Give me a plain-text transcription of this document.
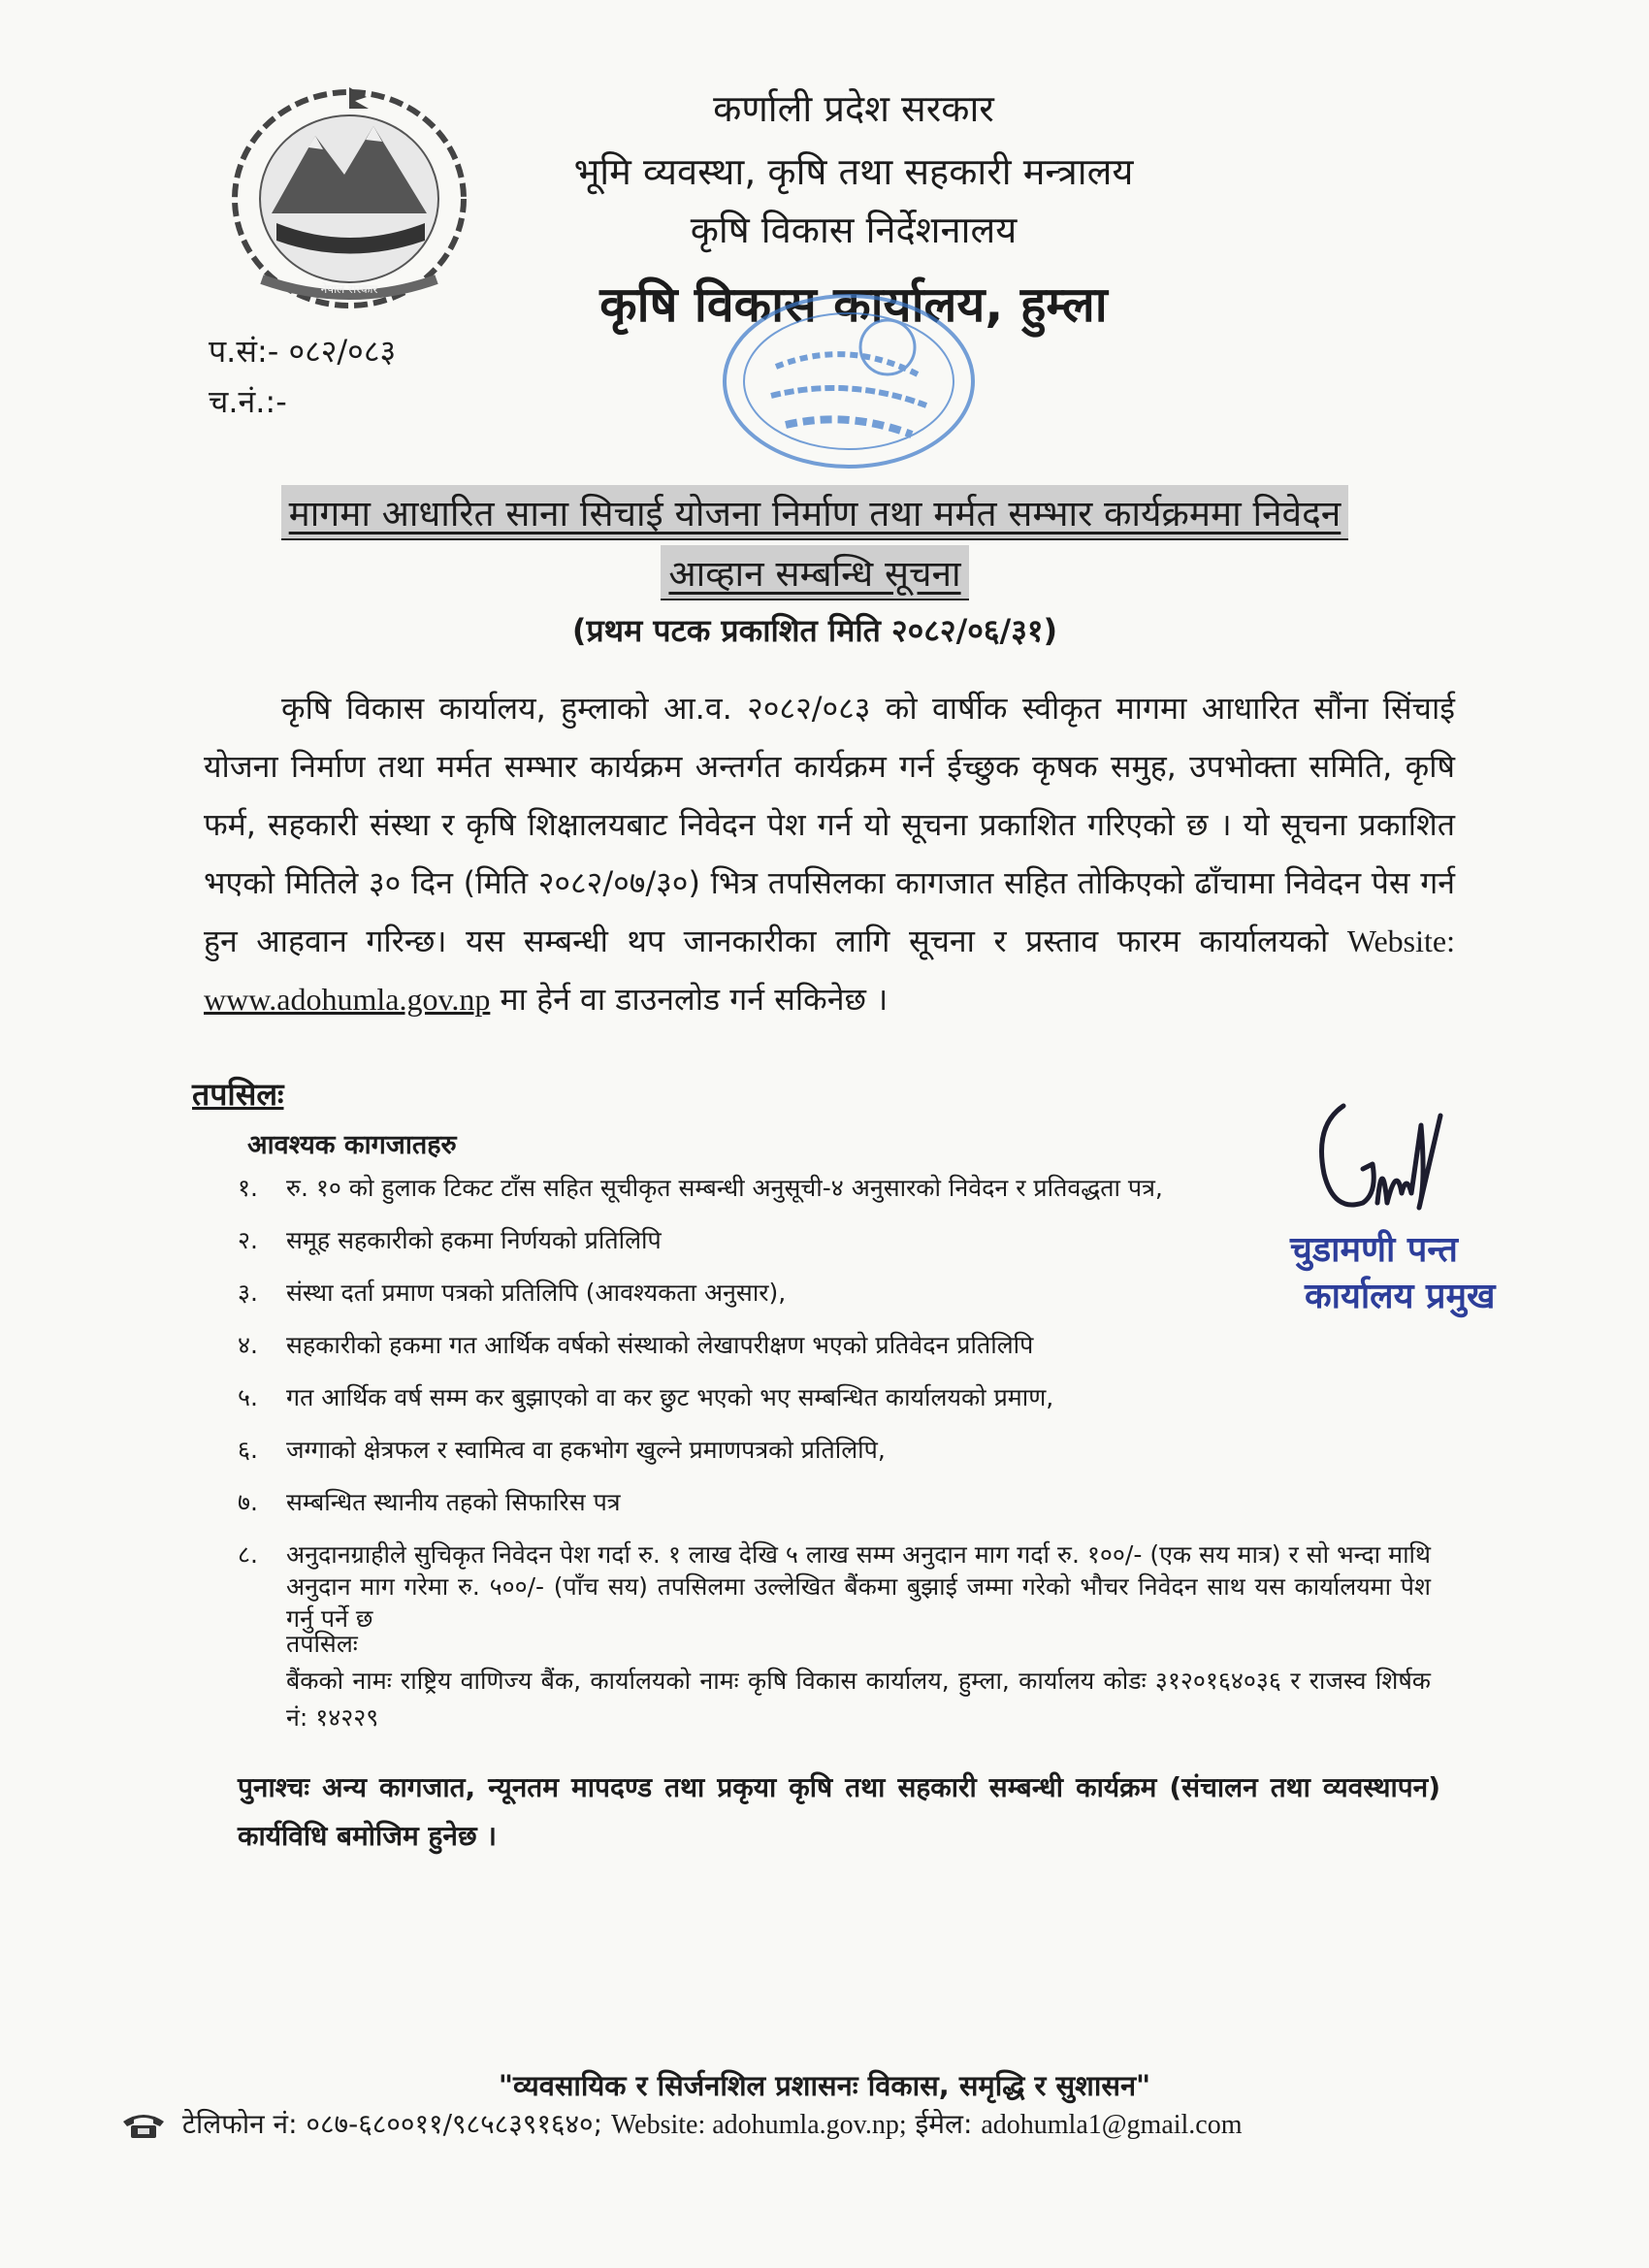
नेपाल सरकार
कर्णाली प्रदेश सरकार
भूमि व्यवस्था, कृषि तथा सहकारी मन्त्रालय
कृषि विकास निर्देशनालय
कृषि विकास कार्यालय, हुम्ला
प.सं:- ०८२/०८३
च.नं.:-
मागमा आधारित साना सिचाई योजना निर्माण तथा मर्मत सम्भार कार्यक्रममा निवेदन
आव्हान सम्बन्धि सूचना
(प्रथम पटक प्रकाशित मिति २०८२/०६/३१)
कृषि विकास कार्यालय, हुम्लाको आ.व. २०८२/०८३ को वार्षीक स्वीकृत मागमा आधारित सौंना सिंचाई योजना निर्माण तथा मर्मत सम्भार कार्यक्रम अन्तर्गत कार्यक्रम गर्न ईच्छुक कृषक समुह, उपभोक्ता समिति, कृषि फर्म, सहकारी संस्था र कृषि शिक्षालयबाट निवेदन पेश गर्न यो सूचना प्रकाशित गरिएको छ । यो सूचना प्रकाशित भएको मितिले ३० दिन (मिति २०८२/०७/३०) भित्र तपसिलका कागजात सहित तोकिएको ढाँचामा निवेदन पेस गर्न हुन आहवान गरिन्छ। यस सम्बन्धी थप जानकारीका लागि सूचना र प्रस्ताव फारम कार्यालयको Website: www.adohumla.gov.np मा हेर्न वा डाउनलोड गर्न सकिनेछ ।
तपसिलः
आवश्यक कागजातहरु
१.	रु. १० को हुलाक टिकट टाँस सहित सूचीकृत सम्बन्धी अनुसूची-४ अनुसारको निवेदन र प्रतिवद्धता पत्र,
२.	समूह सहकारीको हकमा निर्णयको प्रतिलिपि
३.	संस्था दर्ता प्रमाण पत्रको प्रतिलिपि (आवश्यकता अनुसार),
४.	सहकारीको हकमा गत आर्थिक वर्षको संस्थाको लेखापरीक्षण भएको प्रतिवेदन प्रतिलिपि
५.	गत आर्थिक वर्ष सम्म कर बुझाएको वा कर छुट भएको भए सम्बन्धित कार्यालयको प्रमाण,
६.	जग्गाको क्षेत्रफल र स्वामित्व वा हकभोग खुल्ने प्रमाणपत्रको प्रतिलिपि,
७.	सम्बन्धित स्थानीय तहको सिफारिस पत्र
८.	अनुदानग्राहीले सुचिकृत निवेदन पेश गर्दा रु. १ लाख देखि ५ लाख सम्म अनुदान माग गर्दा रु. १००/- (एक सय मात्र) र सो भन्दा माथि अनुदान माग गरेमा रु. ५००/- (पाँच सय) तपसिलमा उल्लेखित बैंकमा बुझाई जम्मा गरेको भौचर निवेदन साथ यस कार्यालयमा पेश गर्नु पर्ने छ
तपसिलः
बैंकको नामः राष्ट्रिय वाणिज्य बैंक, कार्यालयको नामः कृषि विकास कार्यालय, हुम्ला, कार्यालय कोडः ३१२०१६४०३६ र राजस्व शिर्षक नं: १४२२९
पुनाश्चः अन्य कागजात, न्यूनतम मापदण्ड तथा प्रकृया कृषि तथा सहकारी सम्बन्धी कार्यक्रम (संचालन तथा व्यवस्थापन) कार्यविधि बमोजिम हुनेछ ।
चुडामणी पन्त
कार्यालय प्रमुख
"व्यवसायिक र सिर्जनशिल प्रशासनः विकास, समृद्धि र सुशासन"
टेलिफोन नं: ०८७-६८००११/९८५८३९१६४०; Website: adohumla.gov.np; ईमेल: adohumla1@gmail.com
